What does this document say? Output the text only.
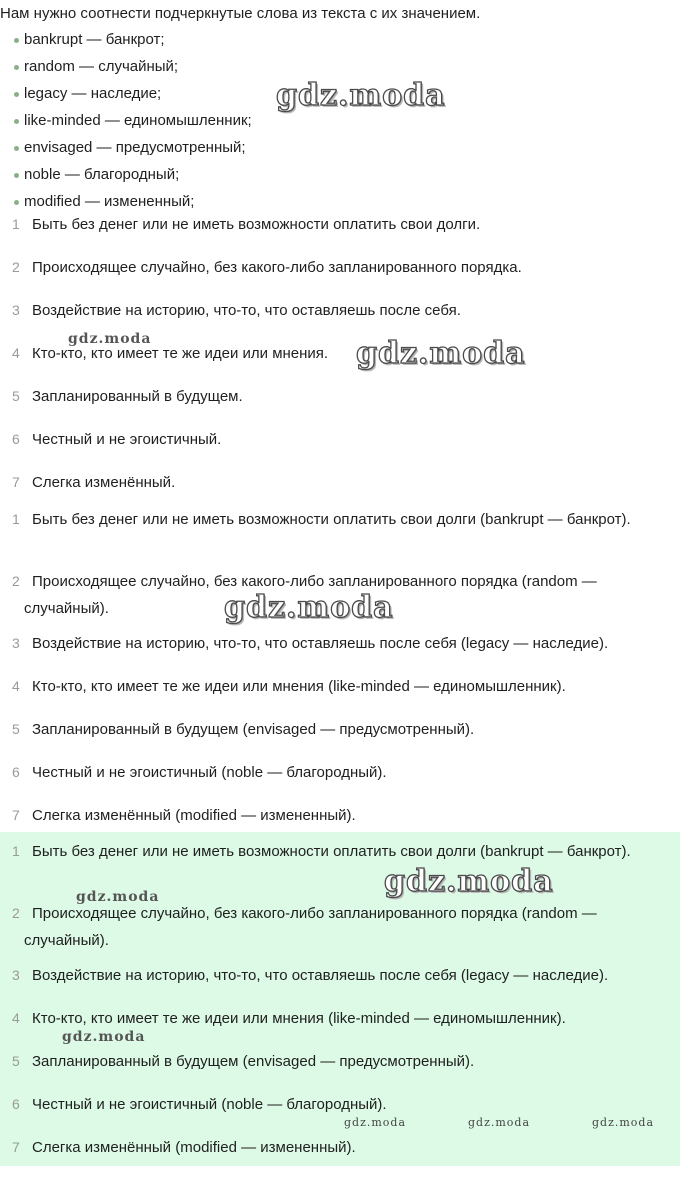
Нам нужно соотнести подчеркнутые слова из текста с их значением.
bankrupt — банкрот;
random — случайный;
legacy — наследие;
like-minded — единомышленник;
envisaged — предусмотренный;
noble — благородный;
modified — измененный;
1 Быть без денег или не иметь возможности оплатить свои долги.
2 Происходящее случайно, без какого-либо запланированного порядка.
3 Воздействие на историю, что-то, что оставляешь после себя.
4 Кто-кто, кто имеет те же идеи или мнения.
5 Запланированный в будущем.
6 Честный и не эгоистичный.
7 Слегка изменённый.
1 Быть без денег или не иметь возможности оплатить свои долги (bankrupt — банкрот).
2 Происходящее случайно, без какого-либо запланированного порядка (random — случайный).
3 Воздействие на историю, что-то, что оставляешь после себя (legacy — наследие).
4 Кто-кто, кто имеет те же идеи или мнения (like-minded — единомышленник).
5 Запланированный в будущем (envisaged — предусмотренный).
6 Честный и не эгоистичный (noble — благородный).
7 Слегка изменённый (modified — измененный).
1 Быть без денег или не иметь возможности оплатить свои долги (bankrupt — банкрот).
2 Происходящее случайно, без какого-либо запланированного порядка (random — случайный).
3 Воздействие на историю, что-то, что оставляешь после себя (legacy — наследие).
4 Кто-кто, кто имеет те же идеи или мнения (like-minded — единомышленник).
5 Запланированный в будущем (envisaged — предусмотренный).
6 Честный и не эгоистичный (noble — благородный).
7 Слегка изменённый (modified — измененный).
gdz.moda
gdz.moda	gdz.moda
gdz.moda
gdz.moda
gdz.moda
gdz.moda
gdz.moda	gdz.moda	gdz.moda
